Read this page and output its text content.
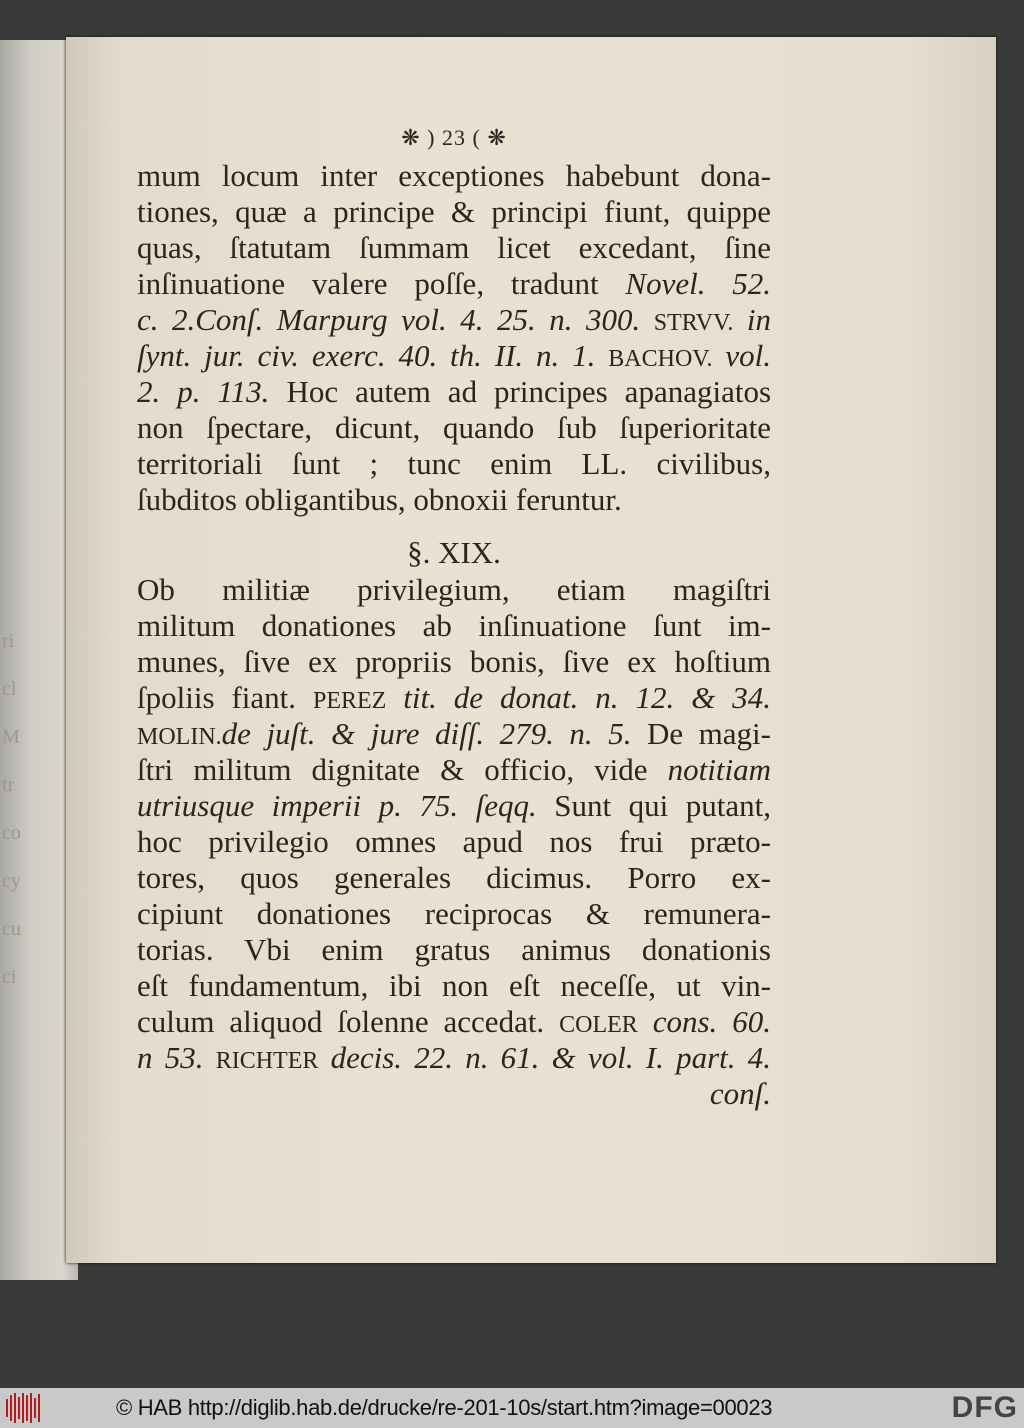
ri
cl
M
tr
co
cy
cu
ci
❋ ) 23 ( ❋
mum locum inter exceptiones habebunt dona-
tiones, quæ a principe & principi fiunt, quippe
quas, ſtatutam ſummam licet excedant, ſine
inſinuatione valere poſſe, tradunt Novel. 52.
c. 2.Conſ. Marpurg vol. 4. 25. n. 300. STRVV. in
ſynt. jur. civ. exerc. 40. th. II. n. 1. BACHOV. vol.
2. p. 113. Hoc autem ad principes apanagiatos
non ſpectare, dicunt, quando ſub ſuperioritate
territoriali ſunt ; tunc enim LL. civilibus,
ſubditos obligantibus, obnoxii feruntur.
§. XIX.
Ob militiæ privilegium, etiam magiſtri
militum donationes ab inſinuatione ſunt im-
munes, ſive ex propriis bonis, ſive ex hoſtium
ſpoliis fiant. PEREZ tit. de donat. n. 12. & 34.
MOLIN.de juſt. & jure diſſ. 279. n. 5. De magi-
ſtri militum dignitate & officio, vide notitiam
utriusque imperii p. 75. ſeqq. Sunt qui putant,
hoc privilegio omnes apud nos frui præto-
tores, quos generales dicimus. Porro ex-
cipiunt donationes reciprocas & remunera-
torias. Vbi enim gratus animus donationis
eſt fundamentum, ibi non eſt neceſſe, ut vin-
culum aliquod ſolenne accedat. COLER cons. 60.
n 53. RICHTER decis. 22. n. 61. & vol. I. part. 4.
conſ.
© HAB http://diglib.hab.de/drucke/re-201-10s/start.htm?image=00023	DFG
